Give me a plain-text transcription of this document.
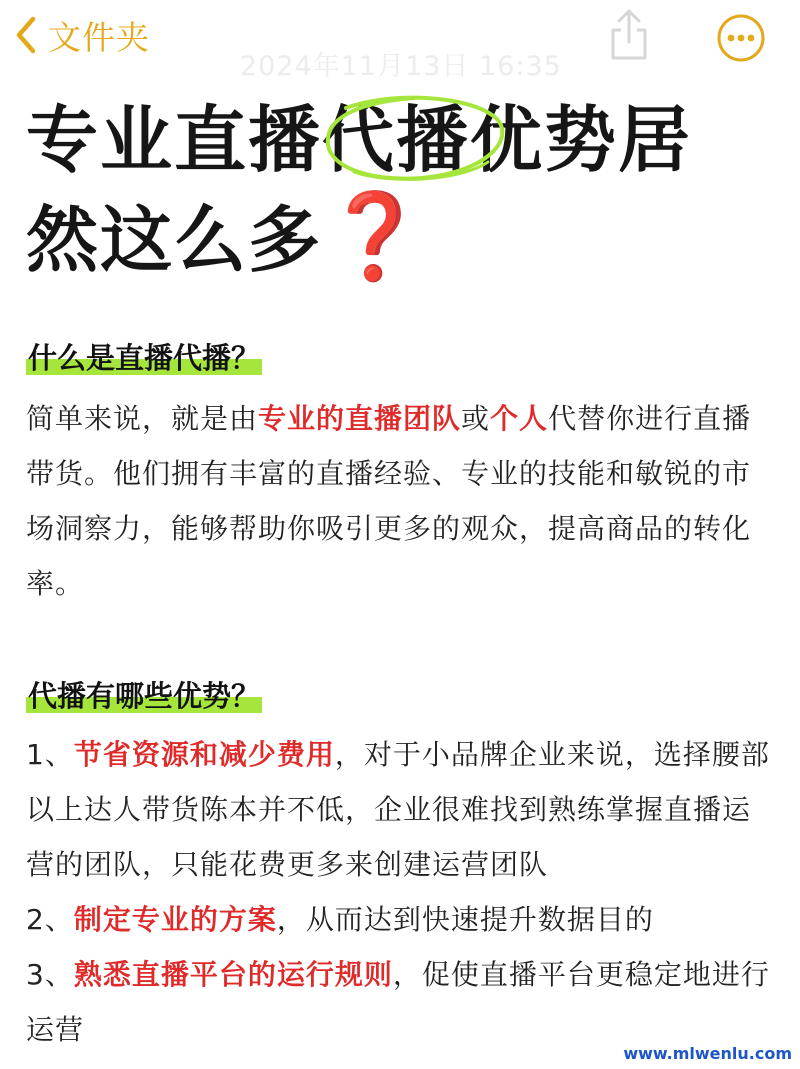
文件夹
2024年11月13日 16:35
专业直播代播优势居
然这么多❓
什么是直播代播？
简单来说，就是由专业的直播团队或个人代替你进行直播带货。他们拥有丰富的直播经验、专业的技能和敏锐的市场洞察力，能够帮助你吸引更多的观众，提高商品的转化率。
代播有哪些优势？
1、节省资源和减少费用，对于小品牌企业来说，选择腰部以上达人带货陈本并不低，企业很难找到熟练掌握直播运营的团队，只能花费更多来创建运营团队
2、制定专业的方案，从而达到快速提升数据目的
3、熟悉直播平台的运行规则，促使直播平台更稳定地进行运营
www.mlwenlu.com
